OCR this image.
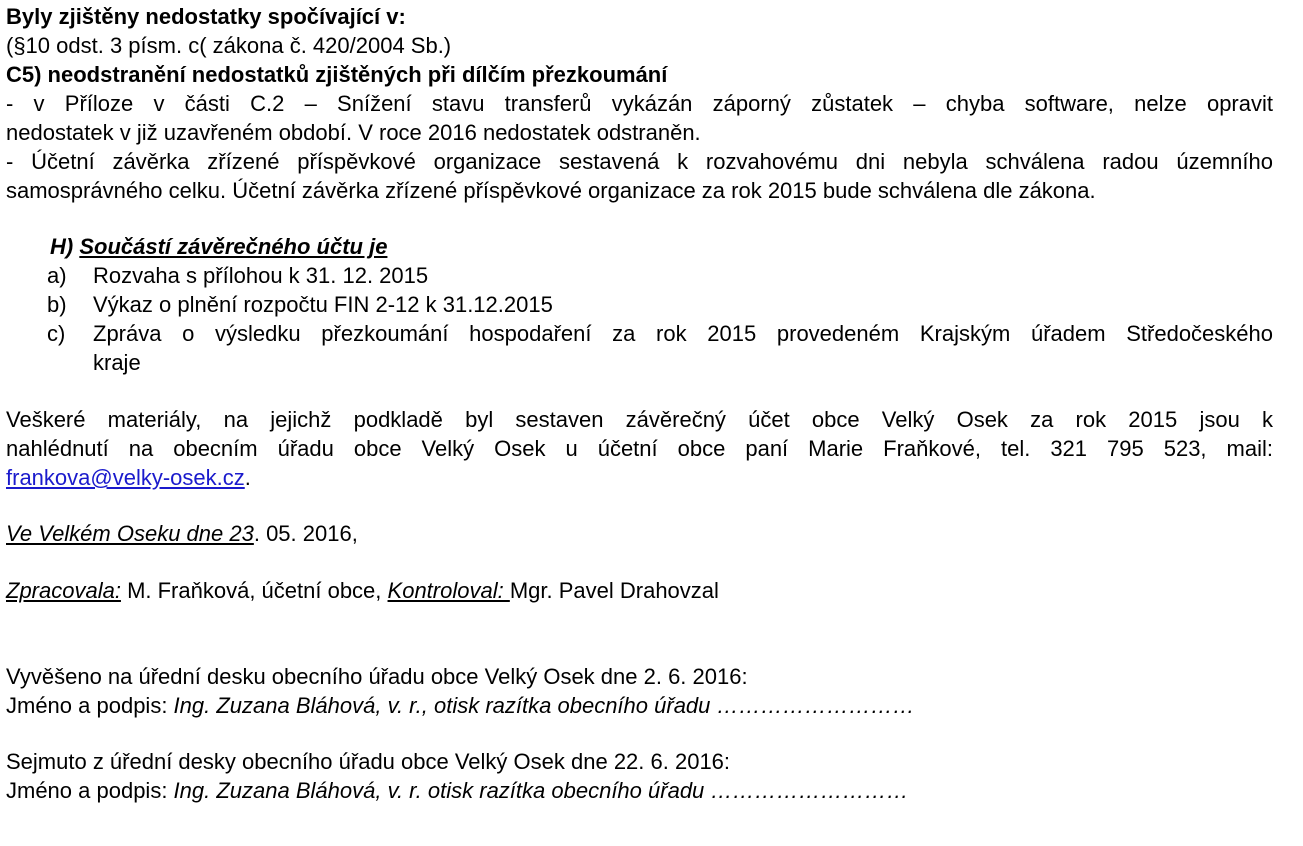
Byly zjištěny nedostatky spočívající v:
(§10 odst. 3 písm. c( zákona č. 420/2004 Sb.)
C5) neodstranění nedostatků zjištěných při dílčím přezkoumání
- v Příloze v části C.2 – Snížení stavu transferů vykázán záporný zůstatek – chyba software, nelze opravit
nedostatek v již uzavřeném období. V roce 2016 nedostatek odstraněn.
- Účetní závěrka zřízené příspěvkové organizace sestavená k rozvahovému dni nebyla schválena radou územního
samosprávného celku. Účetní závěrka zřízené příspěvkové organizace za rok 2015 bude schválena dle zákona.
H) Součástí závěrečného účtu je
a) Rozvaha s přílohou k 31. 12. 2015
b) Výkaz o plnění rozpočtu FIN 2-12 k 31.12.2015
c)	Zpráva o výsledku přezkoumání hospodaření za rok 2015 provedeném Krajským úřadem Středočeského
kraje
Veškeré materiály, na jejichž podkladě byl sestaven závěrečný účet obce Velký Osek za rok 2015 jsou k
nahlédnutí na obecním úřadu obce Velký Osek u účetní obce paní Marie Fraňkové, tel. 321 795 523, mail:
frankova@velky-osek.cz.
Ve Velkém Oseku dne 23. 05. 2016,
Zpracovala: M. Fraňková, účetní obce, Kontroloval: Mgr. Pavel Drahovzal
Vyvěšeno na úřední desku obecního úřadu obce Velký Osek dne 2. 6. 2016:
Jméno a podpis: Ing. Zuzana Bláhová, v. r., otisk razítka obecního úřadu ………………………
Sejmuto z úřední desky obecního úřadu obce Velký Osek dne 22. 6. 2016:
Jméno a podpis: Ing. Zuzana Bláhová, v. r. otisk razítka obecního úřadu ………………………
